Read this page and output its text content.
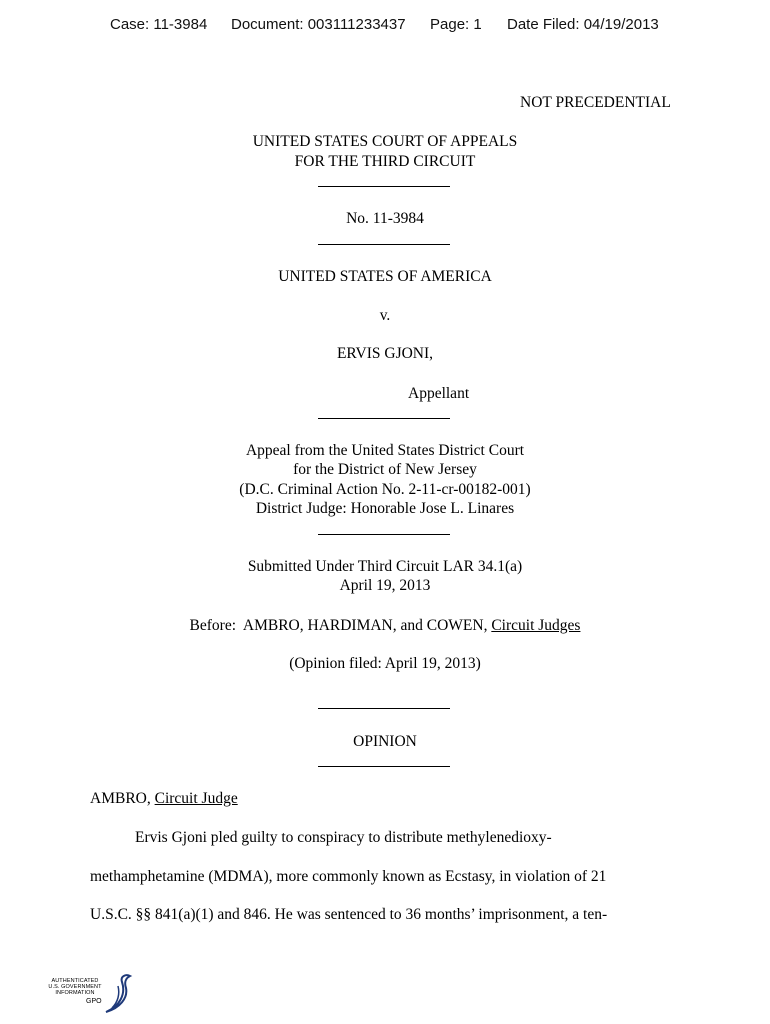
Case: 11-3984 Document: 003111233437 Page: 1 Date Filed: 04/19/2013
NOT PRECEDENTIAL
UNITED STATES COURT OF APPEALS
FOR THE THIRD CIRCUIT
No. 11-3984
UNITED STATES OF AMERICA
v.
ERVIS GJONI,
Appellant
Appeal from the United States District Court
for the District of New Jersey
(D.C. Criminal Action No. 2-11-cr-00182-001)
District Judge: Honorable Jose L. Linares
Submitted Under Third Circuit LAR 34.1(a)
April 19, 2013
Before:  AMBRO, HARDIMAN, and COWEN, Circuit Judges
(Opinion filed: April 19, 2013)
OPINION
AMBRO, Circuit Judge
Ervis Gjoni pled guilty to conspiracy to distribute methylenedioxy-
methamphetamine (MDMA), more commonly known as Ecstasy, in violation of 21
U.S.C. §§ 841(a)(1) and 846. He was sentenced to 36 months’ imprisonment, a ten-
AUTHENTICATED
U.S. GOVERNMENT
INFORMATION
GPO
